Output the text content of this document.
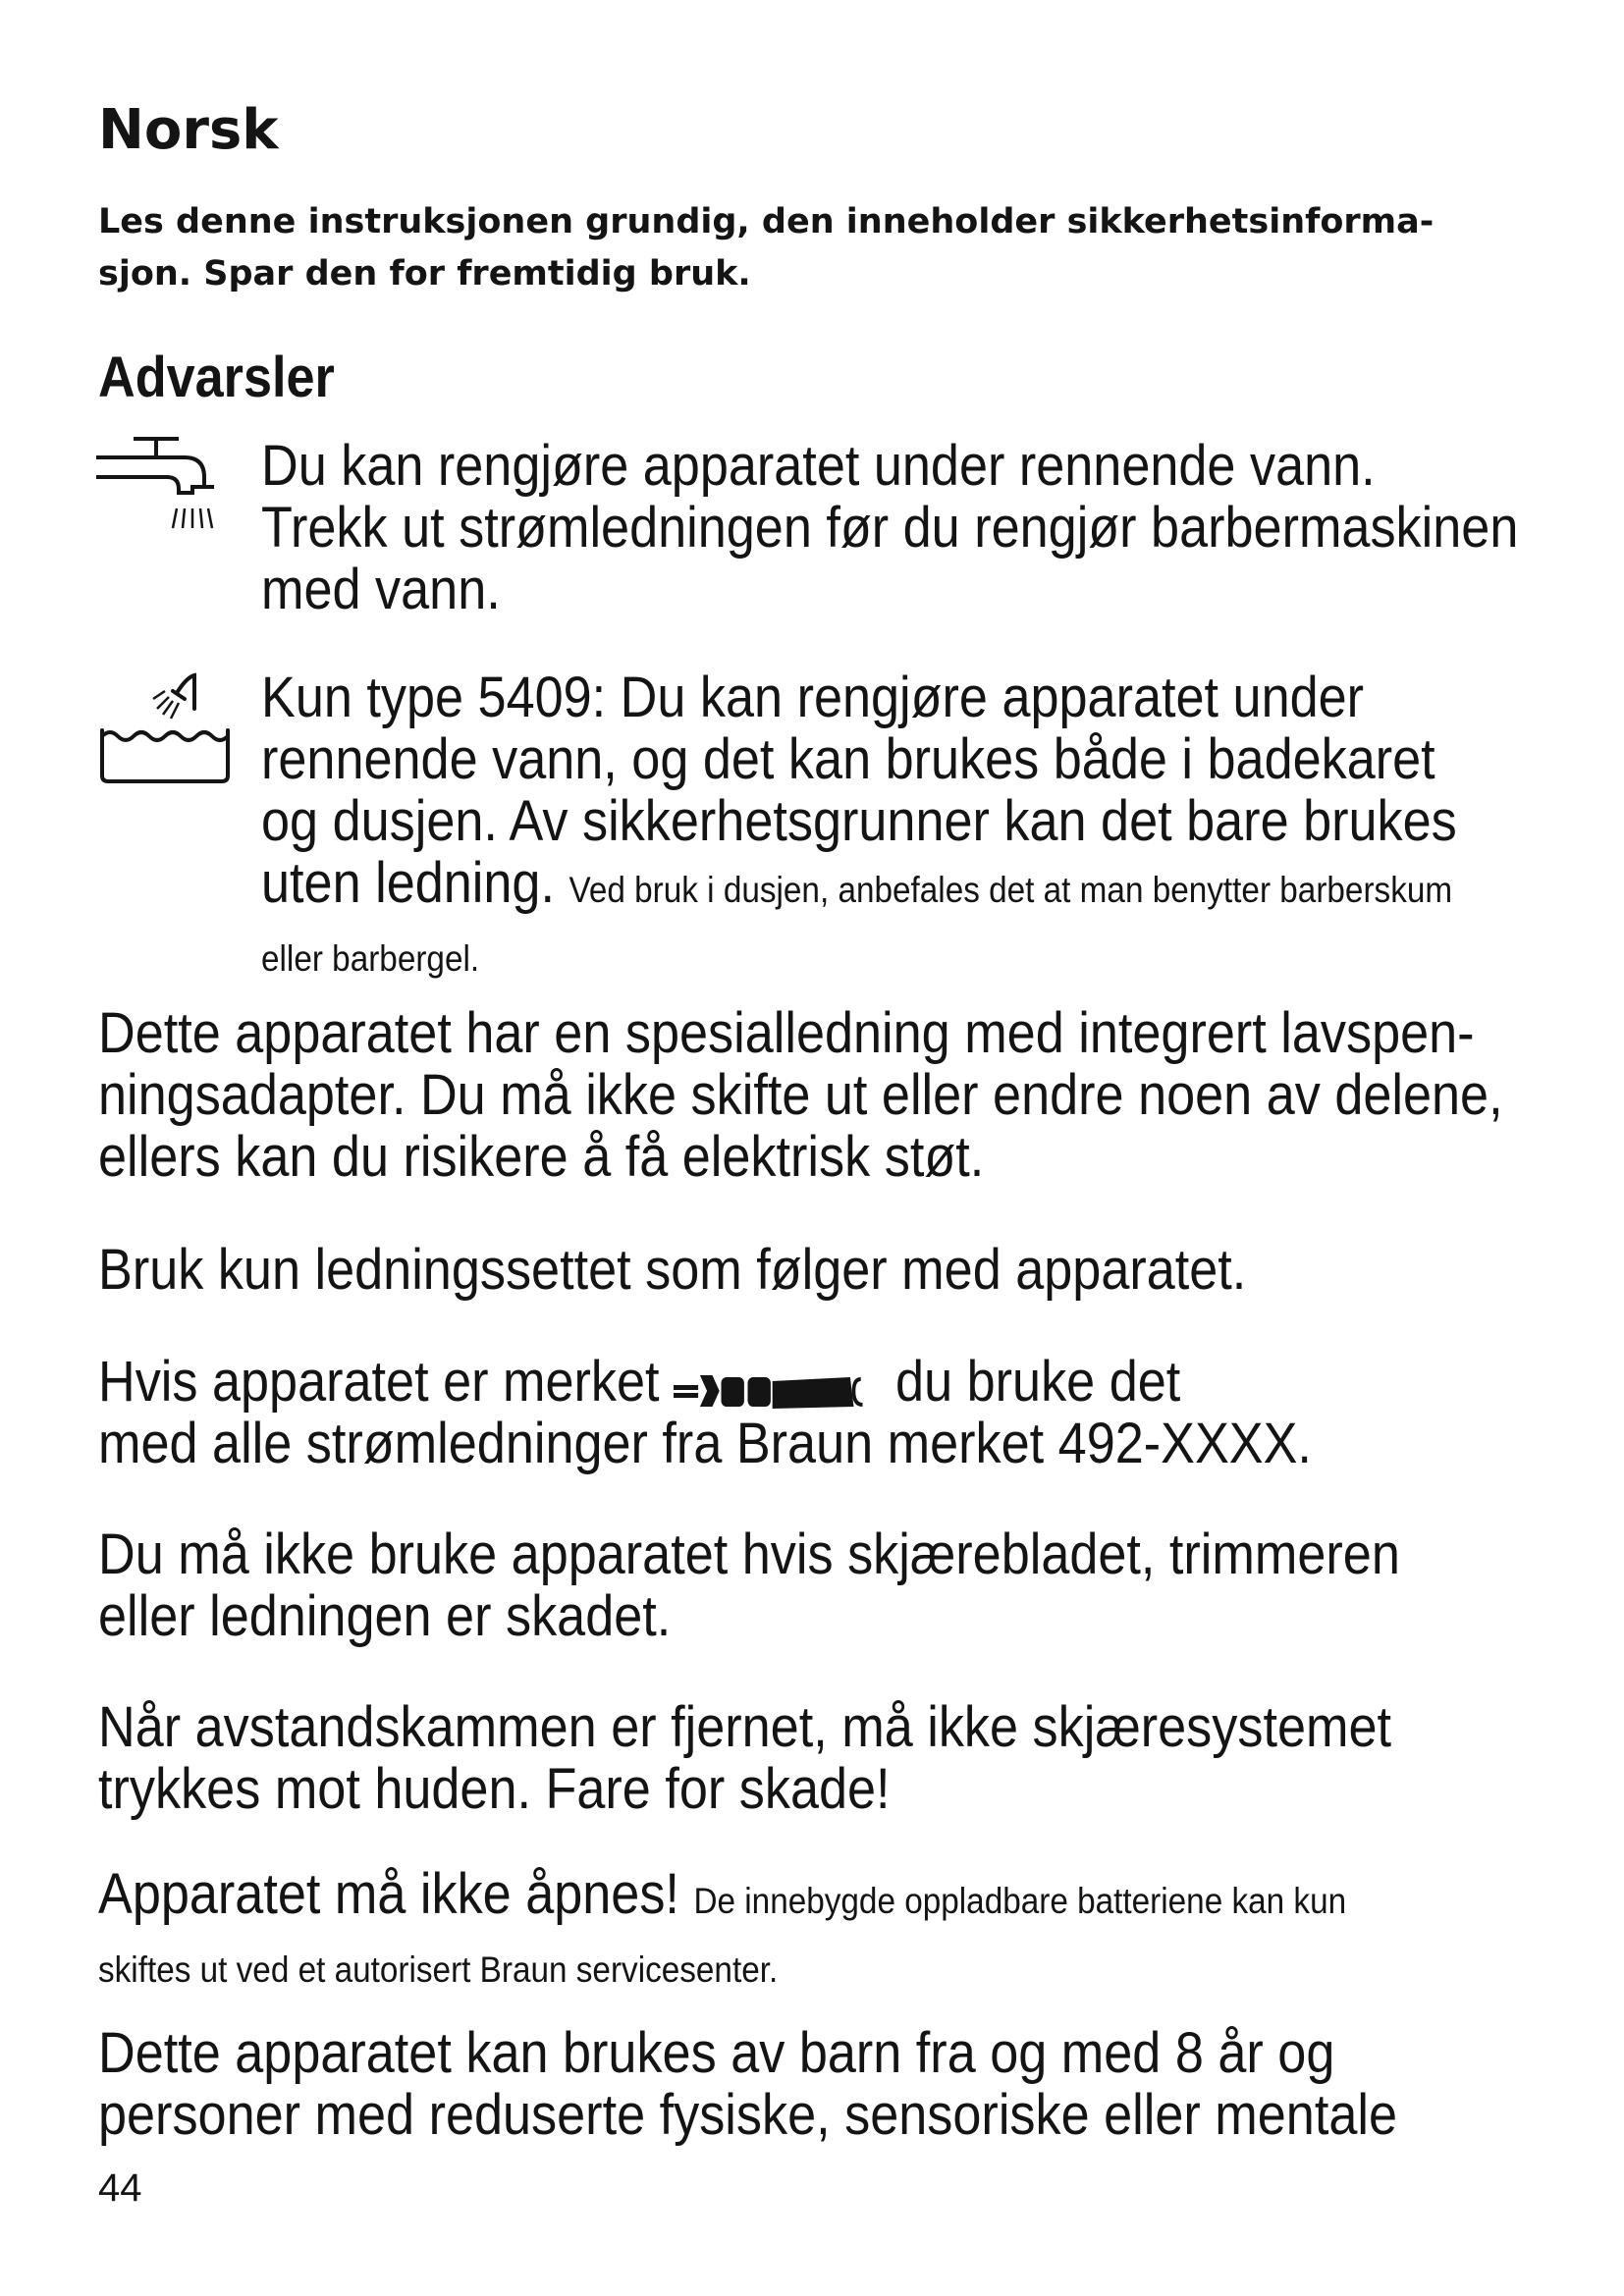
Norsk

Les denne instruksjonen grundig, den inneholder sikkerhetsinforma-
sjon. Spar den for fremtidig bruk.

Advarsler
Du kan rengjøre apparatet under rennende vann.
Trekk ut strømledningen før du rengjør barbermaskinen
med vann.
Kun type 5409: Du kan rengjøre apparatet under
rennende vann, og det kan brukes både i badekaret
og dusjen. Av sikkerhetsgrunner kan det bare brukes
uten ledning. Ved bruk i dusjen, anbefales det at man benytter barberskum
eller barbergel.
Dette apparatet har en spesialledning med integrert lavspen-
ningsadapter. Du må ikke skifte ut eller endre noen av delene,
ellers kan du risikere å få elektrisk støt.
Bruk kun ledningssettet som følger med apparatet.
Hvis apparatet er merket	du bruke det
med alle strømledninger fra Braun merket 492-XXXX.
Du må ikke bruke apparatet hvis skjærebladet, trimmeren
eller ledningen er skadet.
Når avstandskammen er fjernet, må ikke skjæresystemet
trykkes mot huden. Fare for skade!
Apparatet må ikke åpnes! De innebygde oppladbare batteriene kan kun
skiftes ut ved et autorisert Braun servicesenter.
Dette apparatet kan brukes av barn fra og med 8 år og
personer med reduserte fysiske, sensoriske eller mentale

44
